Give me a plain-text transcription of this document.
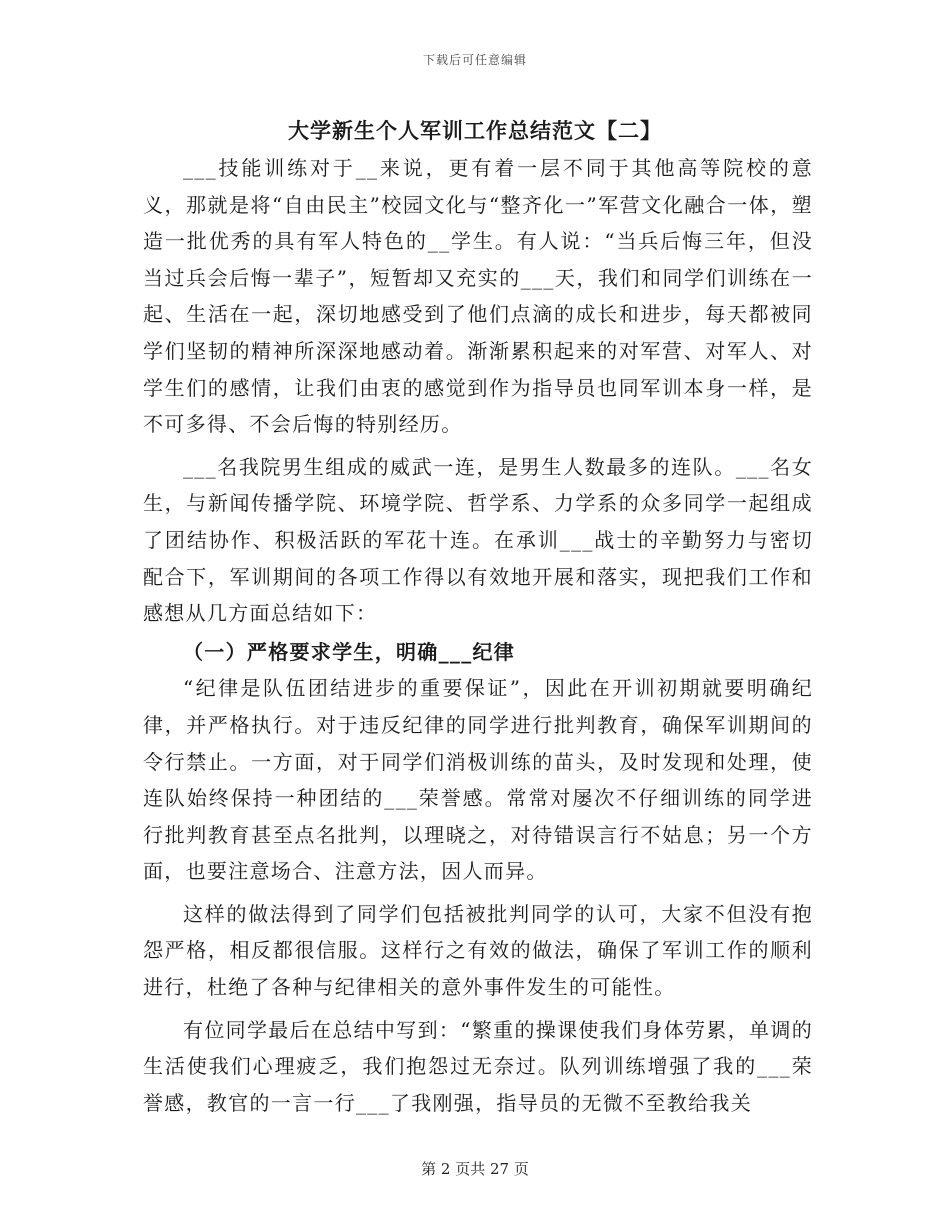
下载后可任意编辑
大学新生个人军训工作总结范文【二】

___技能训练对于__来说，更有着一层不同于其他高等院校的意义，那就是将“自由民主”校园文化与“整齐化一”军营文化融合一体，塑造一批优秀的具有军人特色的__学生。有人说：“当兵后悔三年，但没当过兵会后悔一辈子”，短暂却又充实的___天，我们和同学们训练在一起、生活在一起，深切地感受到了他们点滴的成长和进步，每天都被同学们坚韧的精神所深深地感动着。渐渐累积起来的对军营、对军人、对学生们的感情，让我们由衷的感觉到作为指导员也同军训本身一样，是不可多得、不会后悔的特别经历。

___名我院男生组成的威武一连，是男生人数最多的连队。___名女生，与新闻传播学院、环境学院、哲学系、力学系的众多同学一起组成了团结协作、积极活跃的军花十连。在承训___战士的辛勤努力与密切配合下，军训期间的各项工作得以有效地开展和落实，现把我们工作和感想从几方面总结如下：

（一）严格要求学生，明确___纪律

“纪律是队伍团结进步的重要保证”，因此在开训初期就要明确纪律，并严格执行。对于违反纪律的同学进行批判教育，确保军训期间的令行禁止。一方面，对于同学们消极训练的苗头，及时发现和处理，使连队始终保持一种团结的___荣誉感。常常对屡次不仔细训练的同学进行批判教育甚至点名批判，以理晓之，对待错误言行不姑息；另一个方面，也要注意场合、注意方法，因人而异。

这样的做法得到了同学们包括被批判同学的认可，大家不但没有抱怨严格，相反都很信服。这样行之有效的做法，确保了军训工作的顺利进行，杜绝了各种与纪律相关的意外事件发生的可能性。

有位同学最后在总结中写到：“繁重的操课使我们身体劳累，单调的生活使我们心理疲乏，我们抱怨过无奈过。队列训练增强了我的___荣誉感，教官的一言一行___了我刚强，指导员的无微不至教给我关

第 2 页共 27 页
